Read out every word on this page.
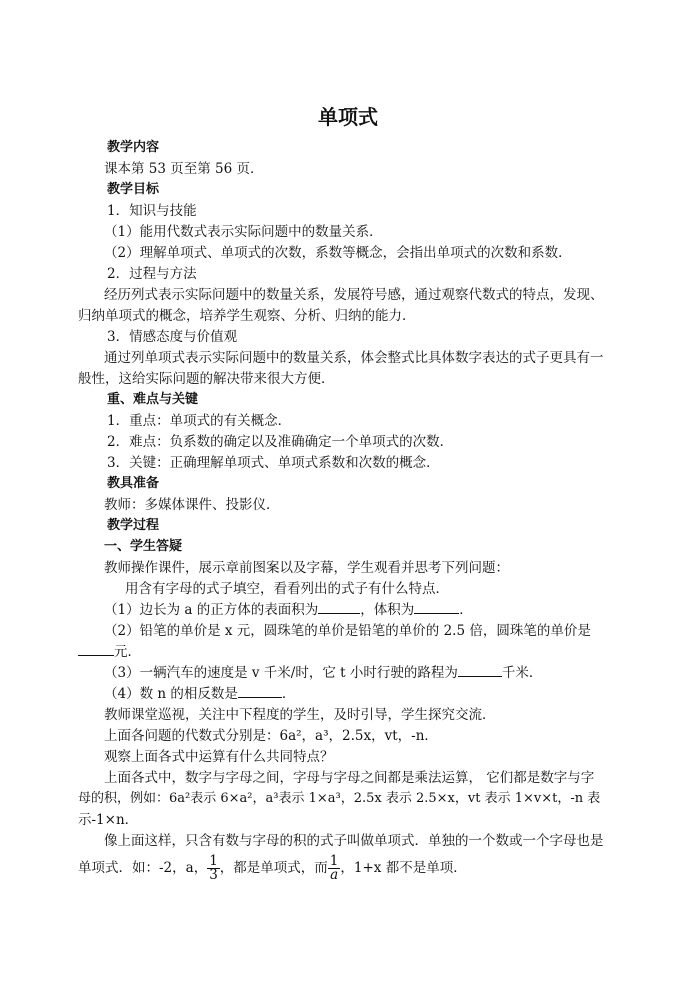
单项式
教学内容
课本第 53 页至第 56 页．
教学目标
1．知识与技能
（1）能用代数式表示实际问题中的数量关系．
（2）理解单项式、单项式的次数，系数等概念，会指出单项式的次数和系数．
2．过程与方法
经历列式表示实际问题中的数量关系，发展符号感，通过观察代数式的特点，发现、
归纳单项式的概念，培养学生观察、分析、归纳的能力．
3．情感态度与价值观
通过列单项式表示实际问题中的数量关系，体会整式比具体数字表达的式子更具有一
般性，这给实际问题的解决带来很大方便．
重、难点与关键
1．重点：单项式的有关概念．
2．难点：负系数的确定以及准确确定一个单项式的次数．
3．关键：正确理解单项式、单项式系数和次数的概念．
教具准备
教师：多媒体课件、投影仪．
教学过程
一、学生答疑
教师操作课件，展示章前图案以及字幕，学生观看并思考下列问题：
用含有字母的式子填空，看看列出的式子有什么特点．
（1）边长为 a 的正方体的表面积为	，体积为	．
（2）铅笔的单价是 x 元，圆珠笔的单价是铅笔的单价的 2.5 倍，圆珠笔的单价是
元．
（3）一辆汽车的速度是 v 千米/时，它 t 小时行驶的路程为	千米．
（4）数 n 的相反数是	．
教师课堂巡视，关注中下程度的学生，及时引导，学生探究交流．
上面各问题的代数式分别是：6a²，a³，2.5x，vt，-n．
观察上面各式中运算有什么共同特点？
上面各式中，数字与字母之间，字母与字母之间都是乘法运算， 它们都是数字与字
母的积，例如：6a²表示 6×a²，a³表示 1×a³，2.5x 表示 2.5×x，vt 表示 1×v×t，-n 表
示-1×n．
像上面这样，只含有数与字母的积的式子叫做单项式．单独的一个数或一个字母也是
单项式．如：-2，a， $\frac{1}{3}$ ，都是单项式，而 $\frac{1}{a}$ ，1+x 都不是单项．
